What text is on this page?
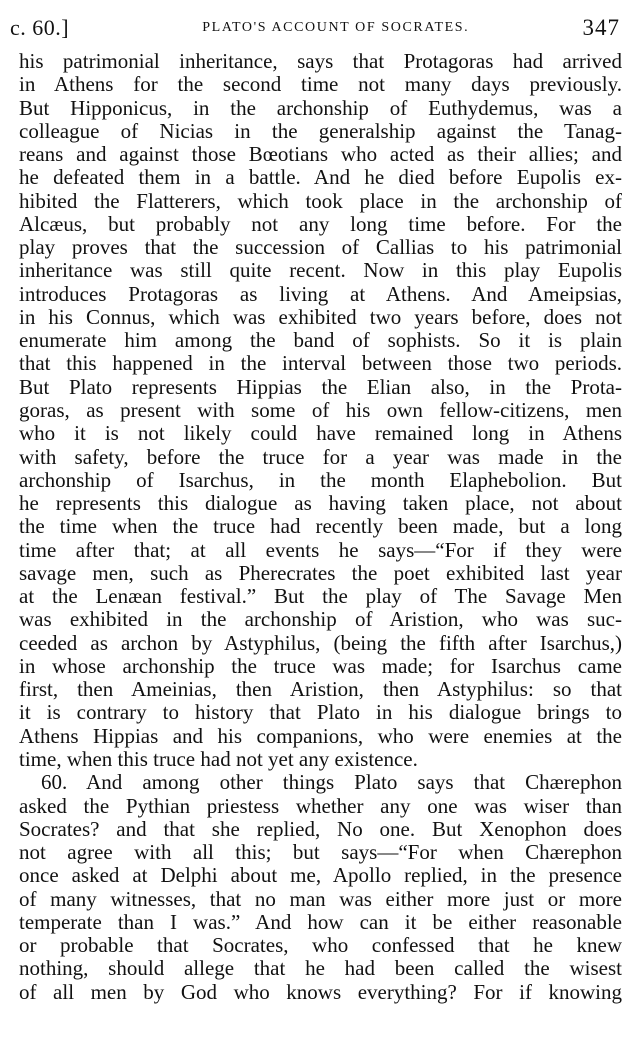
c. 60.]	PLATO'S ACCOUNT OF SOCRATES.	347
his patrimonial inheritance, says that Protagoras had arrived
in Athens for the second time not many days previously.
But Hipponicus, in the archonship of Euthydemus, was a
colleague of Nicias in the generalship against the Tanag-
reans and against those Bœotians who acted as their allies; and
he defeated them in a battle. And he died before Eupolis ex-
hibited the Flatterers, which took place in the archonship of
Alcæus, but probably not any long time before. For the
play proves that the succession of Callias to his patrimonial
inheritance was still quite recent. Now in this play Eupolis
introduces Protagoras as living at Athens. And Ameipsias,
in his Connus, which was exhibited two years before, does not
enumerate him among the band of sophists. So it is plain
that this happened in the interval between those two periods.
But Plato represents Hippias the Elian also, in the Prota-
goras, as present with some of his own fellow-citizens, men
who it is not likely could have remained long in Athens
with safety, before the truce for a year was made in the
archonship of Isarchus, in the month Elaphebolion. But
he represents this dialogue as having taken place, not about
the time when the truce had recently been made, but a long
time after that; at all events he says—“For if they were
savage men, such as Pherecrates the poet exhibited last year
at the Lenæan festival.” But the play of The Savage Men
was exhibited in the archonship of Aristion, who was suc-
ceeded as archon by Astyphilus, (being the fifth after Isarchus,)
in whose archonship the truce was made; for Isarchus came
first, then Ameinias, then Aristion, then Astyphilus: so that
it is contrary to history that Plato in his dialogue brings to
Athens Hippias and his companions, who were enemies at the
time, when this truce had not yet any existence.
60. And among other things Plato says that Chærephon
asked the Pythian priestess whether any one was wiser than
Socrates? and that she replied, No one. But Xenophon does
not agree with all this; but says—“For when Chærephon
once asked at Delphi about me, Apollo replied, in the presence
of many witnesses, that no man was either more just or more
temperate than I was.” And how can it be either reasonable
or probable that Socrates, who confessed that he knew
nothing, should allege that he had been called the wisest
of all men by God who knows everything? For if knowing
